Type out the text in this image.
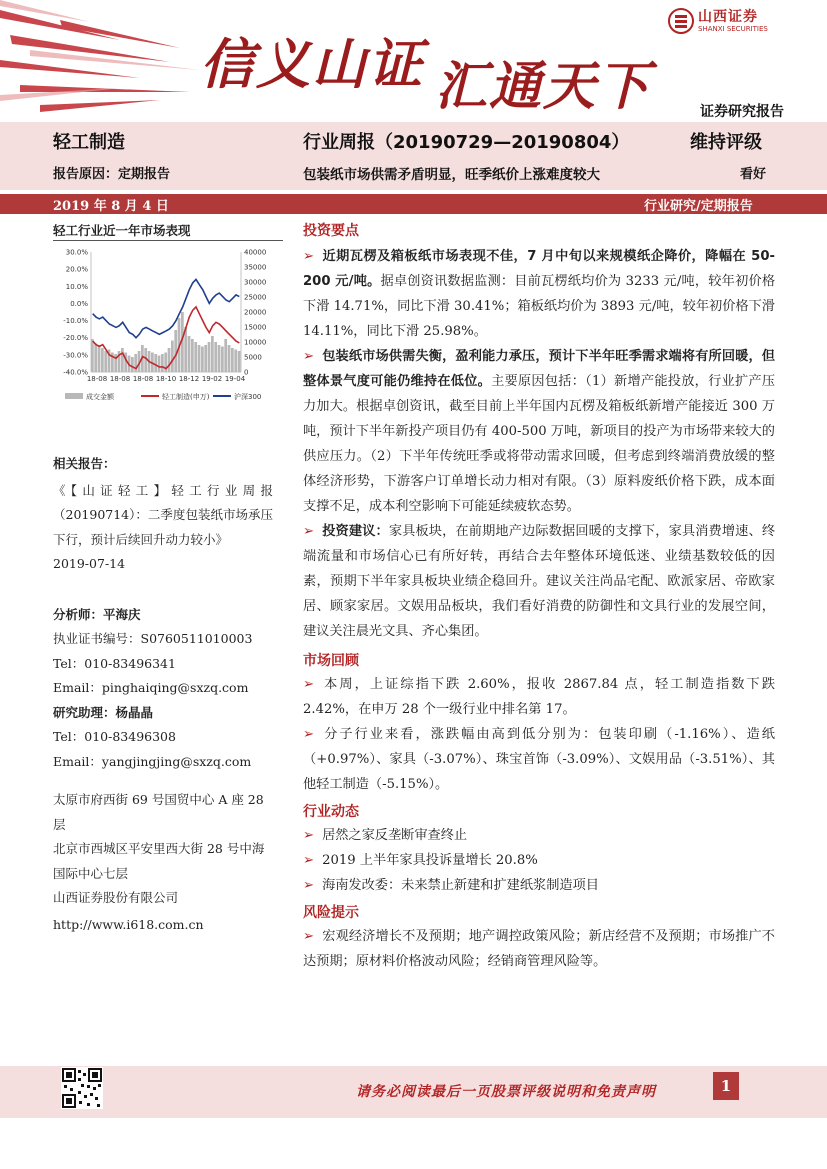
信义山证 汇通天下
山西证券
SHANXI SECURITIES
证券研究报告
轻工制造
报告原因：定期报告
行业周报（20190729—20190804）
包装纸市场供需矛盾明显，旺季纸价上涨难度较大
维持评级
看好
2019 年 8 月 4 日	行业研究/定期报告
轻工行业近一年市场表现
30.0%
20.0%
10.0%
0.0%
-10.0%
-20.0%
-30.0%
-40.0%
40000
35000
30000
25000
20000
15000
10000
5000
0
18-08 18-08 18-08 18-10 18-12 19-02 19-04
成交金额	轻工制造(申万)	沪深300
相关报告：
《【山证轻工】轻工行业周报（20190714）：二季度包装纸市场承压下行，预计后续回升动力较小》
2019-07-14
分析师：平海庆
执业证书编号：S0760511010003
Tel：010-83496341
Email：pinghaiqing@sxzq.com
研究助理：杨晶晶
Tel：010-83496308
Email：yangjingjing@sxzq.com
太原市府西街 69 号国贸中心 A 座 28 层
北京市西城区平安里西大街 28 号中海国际中心七层
山西证券股份有限公司
http://www.i618.com.cn
投资要点
➢ 近期瓦楞及箱板纸市场表现不佳，7 月中旬以来规模纸企降价，降幅在 50-200 元/吨。据卓创资讯数据监测：目前瓦楞纸均价为 3233 元/吨，较年初价格下滑 14.71%，同比下滑 30.41%；箱板纸均价为 3893 元/吨，较年初价格下滑 14.11%，同比下滑 25.98%。
➢ 包装纸市场供需失衡，盈利能力承压，预计下半年旺季需求端将有所回暖，但整体景气度可能仍维持在低位。主要原因包括：（1）新增产能投放，行业扩产压力加大。根据卓创资讯，截至目前上半年国内瓦楞及箱板纸新增产能接近 300 万吨，预计下半年新投产项目仍有 400-500 万吨，新项目的投产为市场带来较大的供应压力。（2）下半年传统旺季或将带动需求回暖，但考虑到终端消费放缓的整体经济形势，下游客户订单增长动力相对有限。（3）原料废纸价格下跌，成本面支撑不足，成本利空影响下可能延续疲软态势。
➢ 投资建议：家具板块，在前期地产边际数据回暖的支撑下，家具消费增速、终端流量和市场信心已有所好转，再结合去年整体环境低迷、业绩基数较低的因素，预期下半年家具板块业绩企稳回升。建议关注尚品宅配、欧派家居、帝欧家居、顾家家居。文娱用品板块，我们看好消费的防御性和文具行业的发展空间，建议关注晨光文具、齐心集团。
市场回顾
➢ 本周，上证综指下跌 2.60%，报收 2867.84 点，轻工制造指数下跌 2.42%，在申万 28 个一级行业中排名第 17。
➢ 分子行业来看，涨跌幅由高到低分别为：包装印刷（-1.16%）、造纸（+0.97%）、家具（-3.07%）、珠宝首饰（-3.09%）、文娱用品（-3.51%）、其他轻工制造（-5.15%）。
行业动态
➢ 居然之家反垄断审查终止
➢ 2019 上半年家具投诉量增长 20.8%
➢ 海南发改委：未来禁止新建和扩建纸浆制造项目
风险提示
➢ 宏观经济增长不及预期；地产调控政策风险；新店经营不及预期；市场推广不达预期；原材料价格波动风险；经销商管理风险等。
请务必阅读最后一页股票评级说明和免责声明	1
